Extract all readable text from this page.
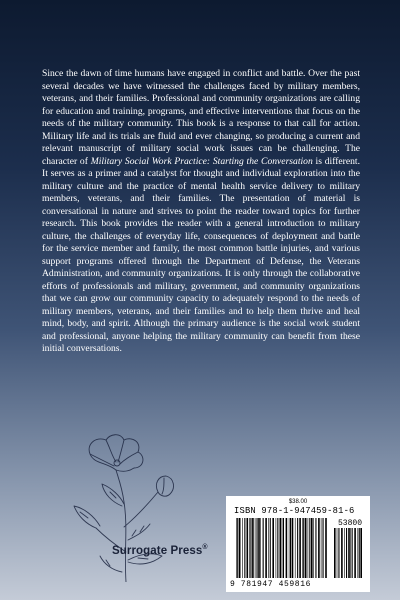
Since the dawn of time humans have engaged in conflict and battle. Over the past several decades we have witnessed the challenges faced by military members, veterans, and their families. Professional and community organizations are calling for education and training, programs, and effective interventions that focus on the needs of the military community. This book is a response to that call for action. Military life and its trials are fluid and ever changing, so producing a current and relevant manuscript of military social work issues can be challenging. The character of Military Social Work Practice: Starting the Conversation is different. It serves as a primer and a catalyst for thought and individual exploration into the military culture and the practice of mental health service delivery to military members, veterans, and their families. The presentation of material is conversational in nature and strives to point the reader toward topics for further research. This book provides the reader with a general introduction to military culture, the challenges of everyday life, consequences of deployment and battle for the service member and family, the most common battle injuries, and various support programs offered through the Department of Defense, the Veterans Administration, and community organizations. It is only through the collaborative efforts of professionals and military, government, and community organizations that we can grow our community capacity to adequately respond to the needs of military members, veterans, and their families and to help them thrive and heal mind, body, and spirit. Although the primary audience is the social work student and professional, anyone helping the military community can benefit from these initial conversations.

Surrogate Press®
$38.00
ISBN 978-1-947459-81-6
53800
9 781947 459816
